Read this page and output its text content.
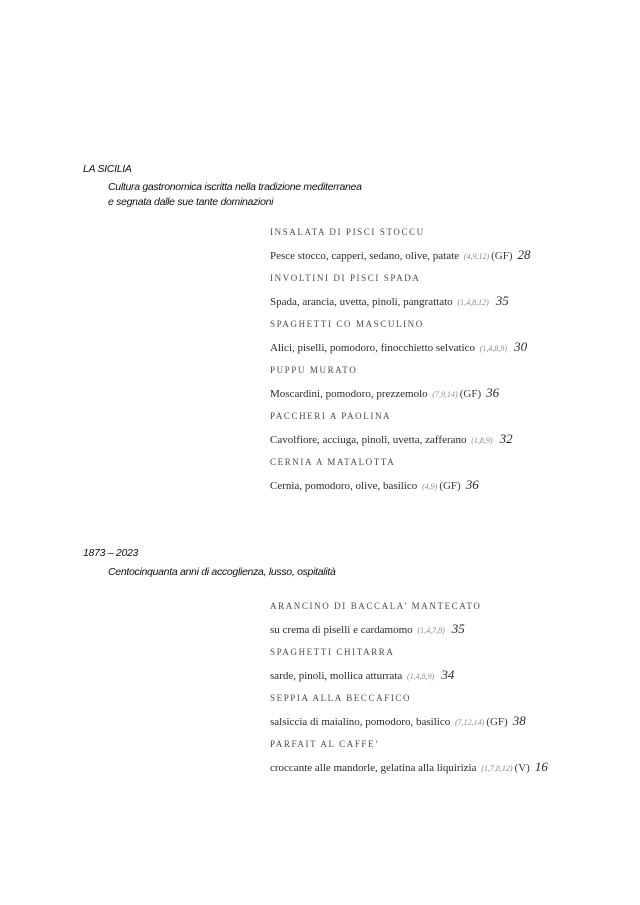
LA SICILIA
Cultura gastronomica iscritta nella tradizione mediterranea
e segnata dalle sue tante dominazioni
INSALATA DI PISCI STOCCU
Pesce stocco, capperi, sedano, olive, patate (4,9,12) (GF) 28
INVOLTINI DI PISCI SPADA
Spada, arancia, uvetta, pinoli, pangrattato (1,4,8,12) 35
SPAGHETTI CO MASCULINO
Alici, piselli, pomodoro, finocchietto selvatico (1,4,8,9) 30
PUPPU MURATO
Moscardini, pomodoro, prezzemolo (7,9,14) (GF) 36
PACCHERI A PAOLINA
Cavolfiore, acciuga, pinoli, uvetta, zafferano (1,8,9) 32
CERNIA A MATALOTTA
Cernia, pomodoro, olive, basilico (4,9) (GF) 36
1873 – 2023
Centocinquanta anni di accoglienza, lusso, ospitalità
ARANCINO DI BACCALA’ MANTECATO
su crema di piselli e cardamomo (1,4,7,8) 35
SPAGHETTI CHITARRA
sarde, pinoli, mollica atturrata (1,4,8,9) 34
SEPPIA ALLA BECCAFICO
salsiccia di maialino, pomodoro, basilico (7,12,14) (GF) 38
PARFAIT AL CAFFE’
croccante alle mandorle, gelatina alla liquirizia (1,7,8,12) (V) 16
